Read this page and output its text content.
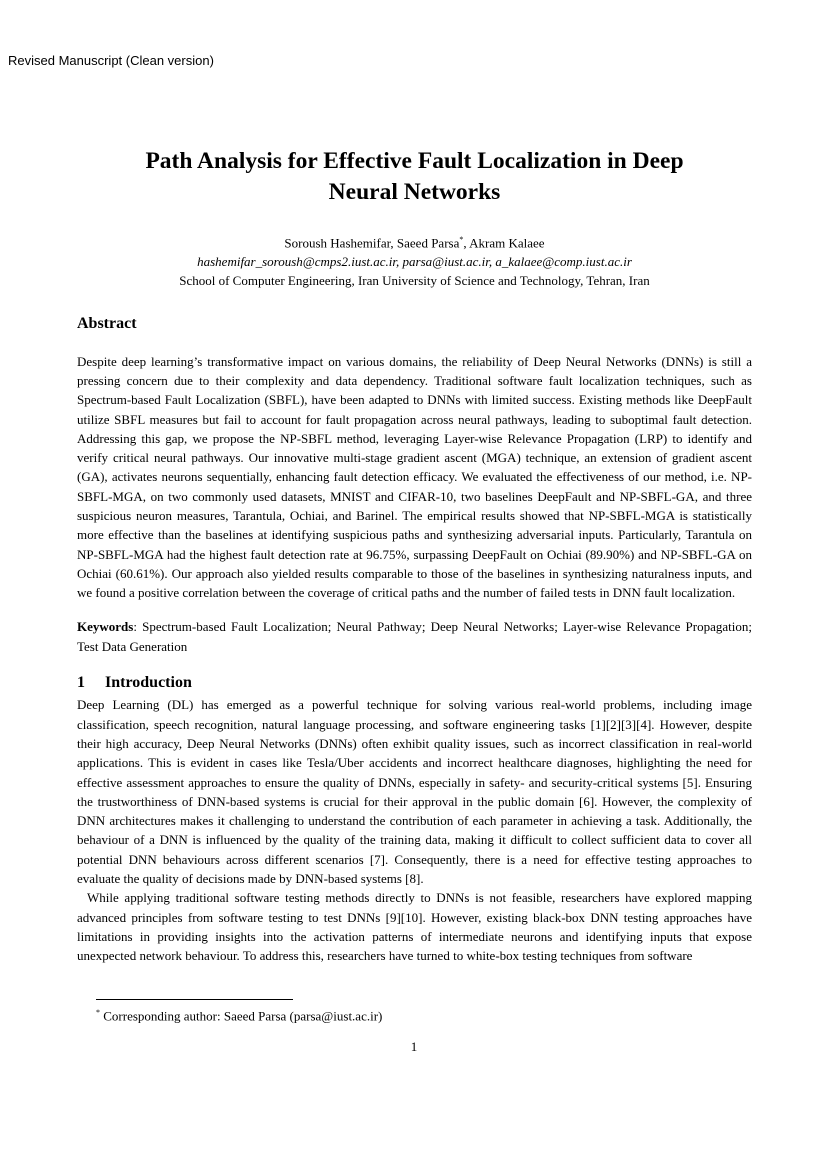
Revised Manuscript (Clean version)
Path Analysis for Effective Fault Localization in Deep
Neural Networks
Soroush Hashemifar, Saeed Parsa*, Akram Kalaee
hashemifar_soroush@cmps2.iust.ac.ir, parsa@iust.ac.ir, a_kalaee@comp.iust.ac.ir
School of Computer Engineering, Iran University of Science and Technology, Tehran, Iran
Abstract

Despite deep learning’s transformative impact on various domains, the reliability of Deep Neural Networks (DNNs) is still a pressing concern due to their complexity and data dependency. Traditional software fault localization techniques, such as Spectrum-based Fault Localization (SBFL), have been adapted to DNNs with limited success. Existing methods like DeepFault utilize SBFL measures but fail to account for fault propagation across neural pathways, leading to suboptimal fault detection. Addressing this gap, we propose the NP-SBFL method, leveraging Layer-wise Relevance Propagation (LRP) to identify and verify critical neural pathways. Our innovative multi-stage gradient ascent (MGA) technique, an extension of gradient ascent (GA), activates neurons sequentially, enhancing fault detection efficacy. We evaluated the effectiveness of our method, i.e. NP-SBFL-MGA, on two commonly used datasets, MNIST and CIFAR-10, two baselines DeepFault and NP-SBFL-GA, and three suspicious neuron measures, Tarantula, Ochiai, and Barinel. The empirical results showed that NP-SBFL-MGA is statistically more effective than the baselines at identifying suspicious paths and synthesizing adversarial inputs. Particularly, Tarantula on NP-SBFL-MGA had the highest fault detection rate at 96.75%, surpassing DeepFault on Ochiai (89.90%) and NP-SBFL-GA on Ochiai (60.61%). Our approach also yielded results comparable to those of the baselines in synthesizing naturalness inputs, and we found a positive correlation between the coverage of critical paths and the number of failed tests in DNN fault localization.

Keywords: Spectrum-based Fault Localization; Neural Pathway; Deep Neural Networks; Layer-wise Relevance Propagation; Test Data Generation

1 Introduction

Deep Learning (DL) has emerged as a powerful technique for solving various real-world problems, including image classification, speech recognition, natural language processing, and software engineering tasks [1][2][3][4]. However, despite their high accuracy, Deep Neural Networks (DNNs) often exhibit quality issues, such as incorrect classification in real-world applications. This is evident in cases like Tesla/Uber accidents and incorrect healthcare diagnoses, highlighting the need for effective assessment approaches to ensure the quality of DNNs, especially in safety- and security-critical systems [5]. Ensuring the trustworthiness of DNN-based systems is crucial for their approval in the public domain [6]. However, the complexity of DNN architectures makes it challenging to understand the contribution of each parameter in achieving a task. Additionally, the behaviour of a DNN is influenced by the quality of the training data, making it difficult to collect sufficient data to cover all potential DNN behaviours across different scenarios [7]. Consequently, there is a need for effective testing approaches to evaluate the quality of decisions made by DNN-based systems [8].

While applying traditional software testing methods directly to DNNs is not feasible, researchers have explored mapping advanced principles from software testing to test DNNs [9][10]. However, existing black-box DNN testing approaches have limitations in providing insights into the activation patterns of intermediate neurons and identifying inputs that expose unexpected network behaviour. To address this, researchers have turned to white-box testing techniques from software

* Corresponding author: Saeed Parsa (parsa@iust.ac.ir)
1
